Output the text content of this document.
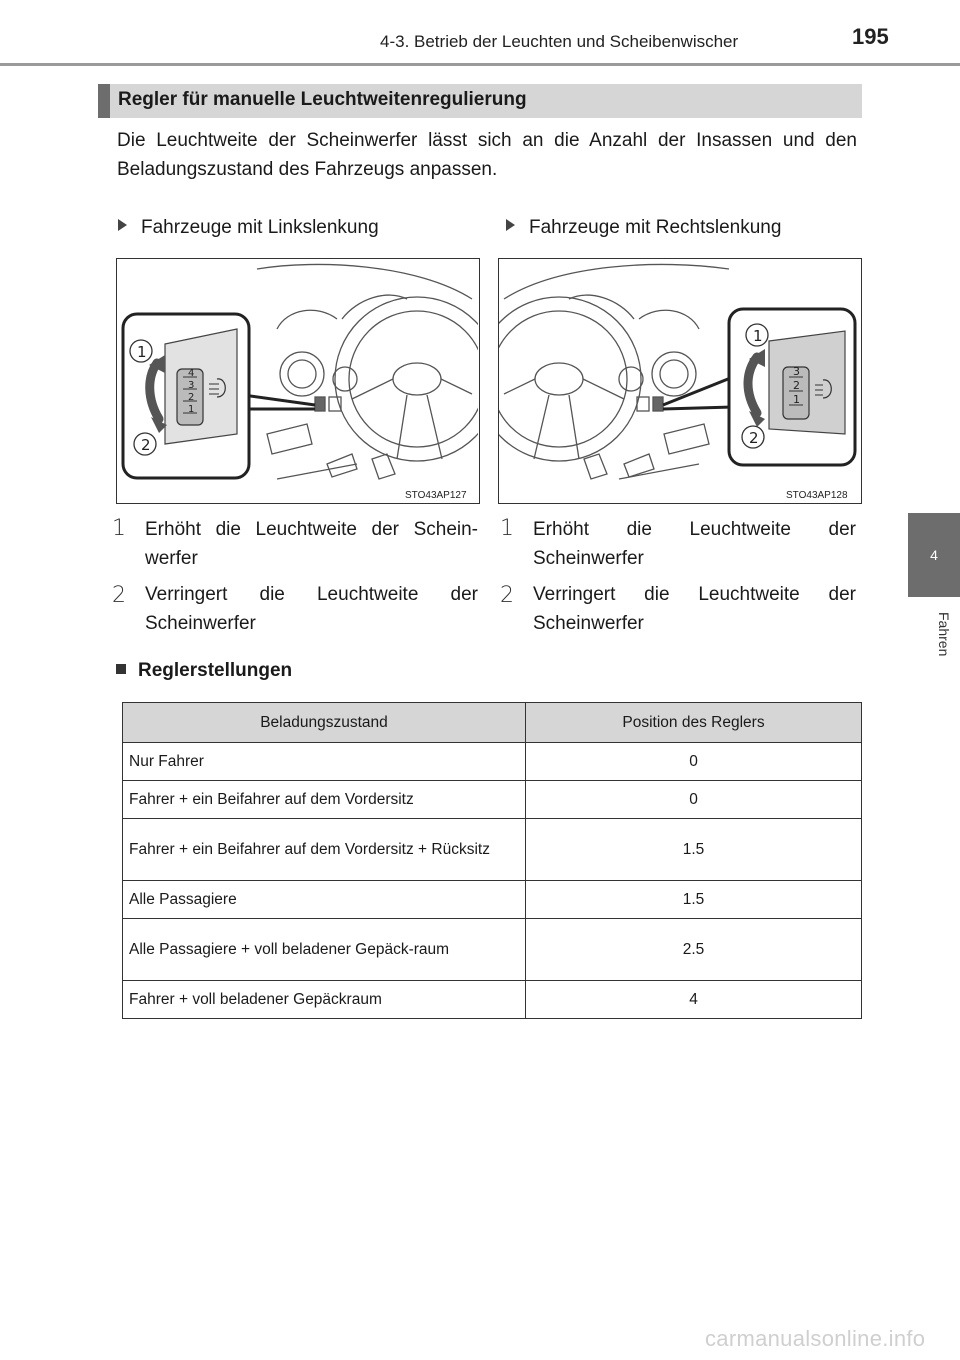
4-3. Betrieb der Leuchten und Scheibenwischer	195
4
Fahren
Regler für manuelle Leuchtweitenregulierung
Die Leuchtweite der Scheinwerfer lässt sich an die Anzahl der Insassen und den Beladungszustand des Fahrzeugs anpassen.
Fahrzeuge mit Linkslenkung	Fahrzeuge mit Rechtslenkung
4
3
2
1
1
2
STO43AP127
3
2
1
1
2
STO43AP128
1 Erhöht die Leuchtweite der Schein-werfer
2 Verringert die Leuchtweite der Scheinwerfer
1 Erhöht die Leuchtweite der Scheinwerfer
2 Verringert die Leuchtweite der Scheinwerfer
Reglerstellungen
Beladungszustand	Position des Reglers
Nur Fahrer	0
Fahrer + ein Beifahrer auf dem Vordersitz	0
Fahrer + ein Beifahrer auf dem Vordersitz + Rücksitz	1.5
Alle Passagiere	1.5
Alle Passagiere + voll beladener Gepäck-raum	2.5
Fahrer + voll beladener Gepäckraum	4
carmanualsonline.info
